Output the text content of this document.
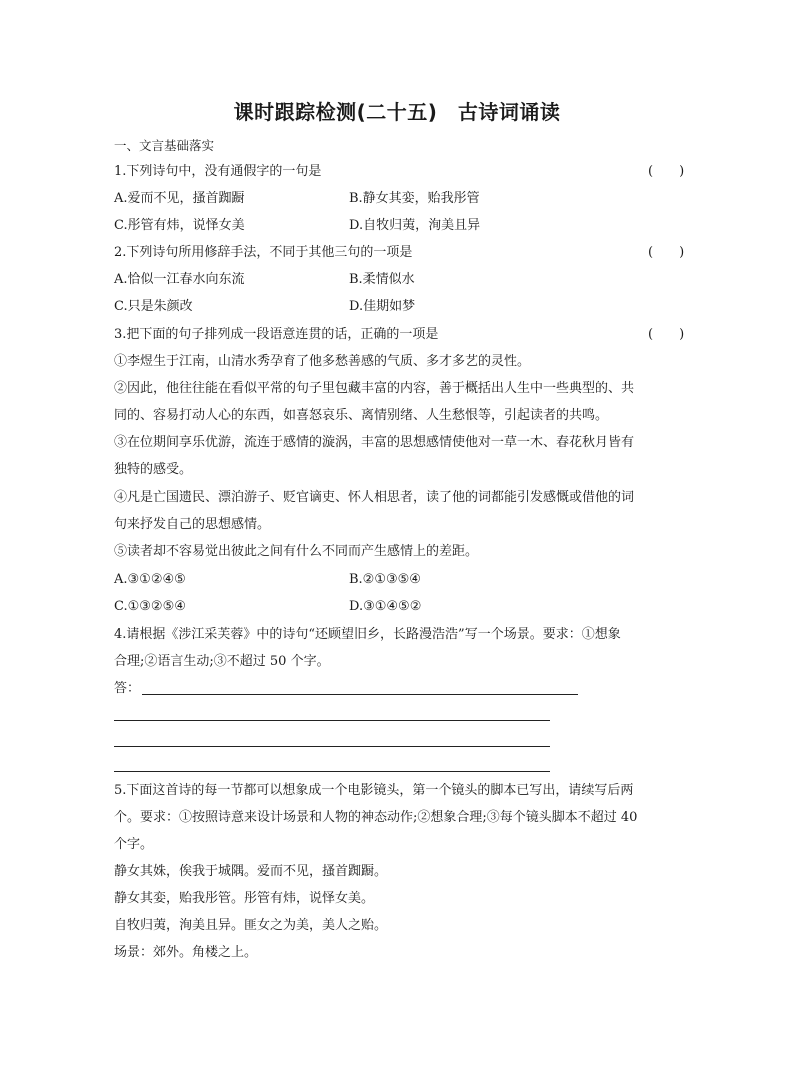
课时跟踪检测(二十五)　古诗词诵读
一、文言基础落实
1.下列诗句中，没有通假字的一句是	(　　)
A.爱而不见，搔首踟蹰	B.静女其娈，贻我彤管
C.彤管有炜，说怿女美	D.自牧归荑，洵美且异
2.下列诗句所用修辞手法，不同于其他三句的一项是	(　　)
A.恰似一江春水向东流	B.柔情似水
C.只是朱颜改	D.佳期如梦
3.把下面的句子排列成一段语意连贯的话，正确的一项是	(　　)
①李煜生于江南，山清水秀孕育了他多愁善感的气质、多才多艺的灵性。
②因此，他往往能在看似平常的句子里包藏丰富的内容，善于概括出人生中一些典型的、共
同的、容易打动人心的东西，如喜怒哀乐、离情别绪、人生愁恨等，引起读者的共鸣。
③在位期间享乐优游，流连于感情的漩涡，丰富的思想感情使他对一草一木、春花秋月皆有
独特的感受。
④凡是亡国遗民、漂泊游子、贬官谪吏、怀人相思者，读了他的词都能引发感慨或借他的词
句来抒发自己的思想感情。
⑤读者却不容易觉出彼此之间有什么不同而产生感情上的差距。
A.③①②④⑤	B.②①③⑤④
C.①③②⑤④	D.③①④⑤②
4.请根据《涉江采芙蓉》中的诗句“还顾望旧乡，长路漫浩浩”写一个场景。要求：①想象
合理;②语言生动;③不超过 50 个字。
答：
5.下面这首诗的每一节都可以想象成一个电影镜头，第一个镜头的脚本已写出，请续写后两
个。要求：①按照诗意来设计场景和人物的神态动作;②想象合理;③每个镜头脚本不超过 40
个字。
静女其姝，俟我于城隅。爱而不见，搔首踟蹰。
静女其娈，贻我彤管。彤管有炜，说怿女美。
自牧归荑，洵美且异。匪女之为美，美人之贻。
场景：郊外。角楼之上。
